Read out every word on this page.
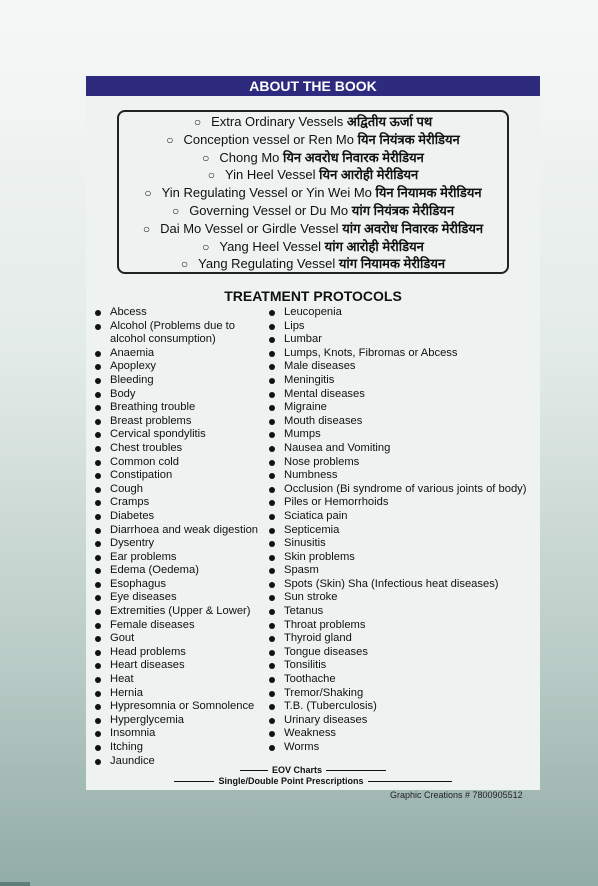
ABOUT THE BOOK
○ Extra Ordinary Vessels अद्वितीय ऊर्जा पथ
○ Conception vessel or Ren Mo यिन नियंत्रक मेरीडियन
○ Chong Mo यिन अवरोध निवारक मेरीडियन
○ Yin Heel Vessel यिन आरोही मेरीडियन
○ Yin Regulating Vessel or Yin Wei Mo यिन नियामक मेरीडियन
○ Governing Vessel or Du Mo यांग नियंत्रक मेरीडियन
○ Dai Mo Vessel or Girdle Vessel यांग अवरोध निवारक मेरीडियन
○ Yang Heel Vessel यांग आरोही मेरीडियन
○ Yang Regulating Vessel यांग नियामक मेरीडियन
TREATMENT PROTOCOLS
Abcess
Alcohol (Problems due to alcohol consumption)
Anaemia
Apoplexy
Bleeding
Body
Breathing trouble
Breast problems
Cervical spondylitis
Chest troubles
Common cold
Constipation
Cough
Cramps
Diabetes
Diarrhoea and weak digestion
Dysentry
Ear problems
Edema (Oedema)
Esophagus
Eye diseases
Extremities (Upper & Lower)
Female diseases
Gout
Head problems
Heart diseases
Heat
Hernia
Hypresomnia or Somnolence
Hyperglycemia
Insomnia
Itching
Jaundice
Leucopenia
Lips
Lumbar
Lumps, Knots, Fibromas or Abcess
Male diseases
Meningitis
Mental diseases
Migraine
Mouth diseases
Mumps
Nausea and Vomiting
Nose problems
Numbness
Occlusion (Bi syndrome of various joints of body)
Piles or Hemorrhoids
Sciatica pain
Septicemia
Sinusitis
Skin problems
Spasm
Spots (Skin) Sha (Infectious heat diseases)
Sun stroke
Tetanus
Throat problems
Thyroid gland
Tongue diseases
Tonsilitis
Toothache
Tremor/Shaking
T.B. (Tuberculosis)
Urinary diseases
Weakness
Worms
EOV Charts
Single/Double Point Prescriptions
Graphic Creations # 7800905512
